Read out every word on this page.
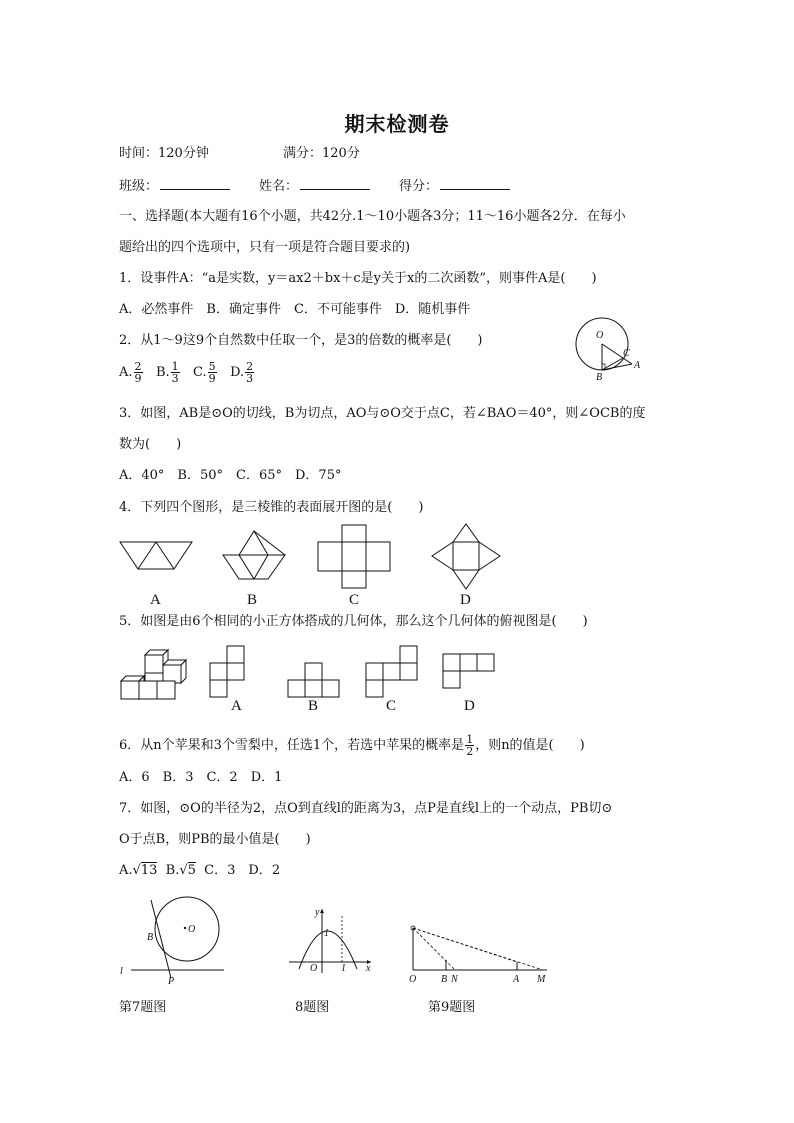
期末检测卷
时间：120分钟	满分：120分
班级：	姓名：	得分：
一、选择题(本大题有16个小题，共42分.1～10小题各3分；11～16小题各2分．在每小
题给出的四个选项中，只有一项是符合题目要求的)
1．设事件A：“a是实数，y＝ax2＋bx＋c是y关于x的二次函数”，则事件A是(　　)
A．必然事件　B．确定事件　C．不可能事件　D．随机事件
2．从1～9这9个自然数中任取一个，是3的倍数的概率是(　　)
A. $\frac{2}{9} B$. $\frac{1}{3} C$. $\frac{5}{9} D$. $\frac{2}{3}$
O
B
C
A
3．如图，AB是⊙O的切线，B为切点，AO与⊙O交于点C，若∠BAO＝40°，则∠OCB的度
数为(　　)
A．40°　B．50°　C．65°　D．75°
4．下列四个图形，是三棱锥的表面展开图的是(　　)
A	B	C	D
5．如图是由6个相同的小正方体搭成的几何体，那么这个几何体的俯视图是(　　)
A	B	C	D
6．从n个苹果和3个雪梨中，任选1个，若选中苹果的概率是 $\frac{1}{2}$ ，则n的值是(　　)
A．6　B．3　C．2　D．1
7．如图，⊙O的半径为2，点O到直线l的距离为3，点P是直线l上的一个动点，PB切⊙
O于点B，则PB的最小值是(　　)
A.√13 B.√5 C．3　D．2
B
O
l
P
y
x
O
1
1
O B N	A M
第7题图	8题图	第9题图
